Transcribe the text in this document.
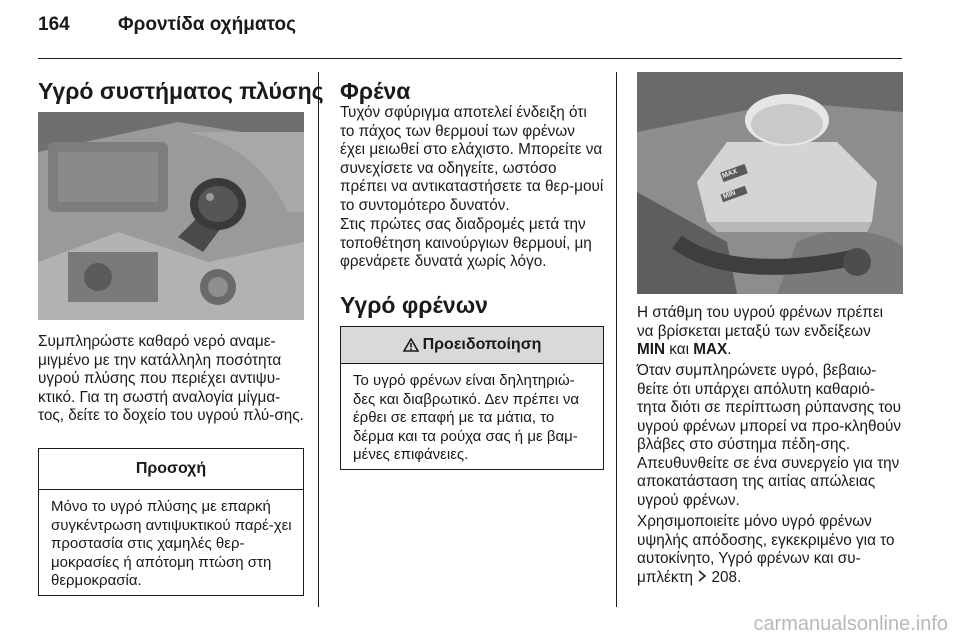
164	Φροντίδα οχήματος
Υγρό συστήματος πλύσης

Συμπληρώστε καθαρό νερό αναμε-μιγμένο με την κατάλληλη ποσότητα υγρού πλύσης που περιέχει αντιψυ-κτικό. Για τη σωστή αναλογία μίγμα-τος, δείτε το δοχείο του υγρού πλύ-σης.

Προσοχή
Μόνο το υγρό πλύσης με επαρκή συγκέντρωση αντιψυκτικού παρέ-χει προστασία στις χαμηλές θερ-μοκρασίες ή απότομη πτώση στη θερμοκρασία.
Φρένα

Τυχόν σφύριγμα αποτελεί ένδειξη ότι το πάχος των θερμουί των φρένων έχει μειωθεί στο ελάχιστο. Μπορείτε να συνεχίσετε να οδηγείτε, ωστόσο πρέπει να αντικαταστήσετε τα θερ-μουί το συντομότερο δυνατόν.

Στις πρώτες σας διαδρομές μετά την τοποθέτηση καινούργιων θερμουί, μη φρενάρετε δυνατά χωρίς λόγο.

Υγρό φρένων
Προειδοποίηση
Το υγρό φρένων είναι δηλητηριώ-δες και διαβρωτικό. Δεν πρέπει να έρθει σε επαφή με τα μάτια, το δέρμα και τα ρούχα σας ή με βαμ-μένες επιφάνειες.
MAX
MIN

Η στάθμη του υγρού φρένων πρέπει να βρίσκεται μεταξύ των ενδείξεων MIN και MAX.

Όταν συμπληρώνετε υγρό, βεβαιω-θείτε ότι υπάρχει απόλυτη καθαριό-τητα διότι σε περίπτωση ρύπανσης του υγρού φρένων μπορεί να προ-κληθούν βλάβες στο σύστημα πέδη-σης. Απευθυνθείτε σε ένα συνεργείο για την αποκατάσταση της αιτίας απώλειας υγρού φρένων.

Χρησιμοποιείτε μόνο υγρό φρένων υψηλής απόδοσης, εγκεκριμένο για το αυτοκίνητο, Υγρό φρένων και συ-μπλέκτη 208.

carmanualsonline.info
